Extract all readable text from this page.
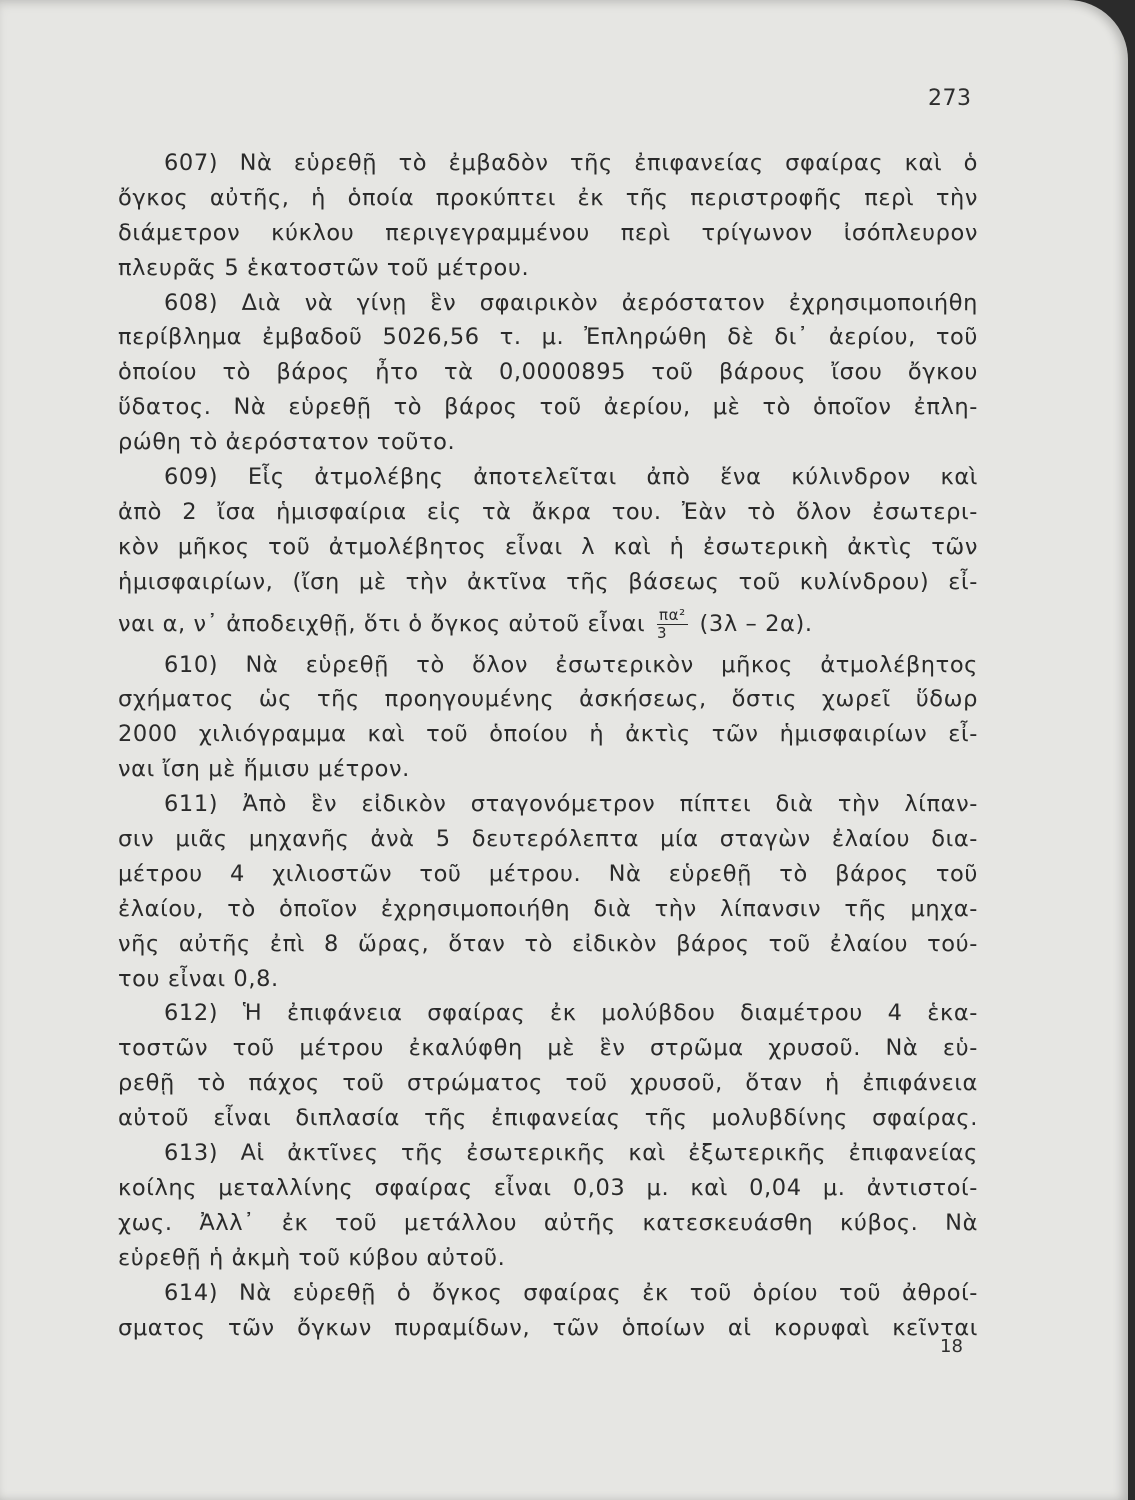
273
607) Νὰ εὑρεθῇ τὸ ἐμβαδὸν τῆς ἐπιφανείας σφαίρας καὶ ὁ
ὄγκος αὐτῆς, ἡ ὁποία προκύπτει ἐκ τῆς περιστροφῆς περὶ τὴν
διάμετρον κύκλου περιγεγραμμένου περὶ τρίγωνον ἰσόπλευρον
πλευρᾶς 5 ἑκατοστῶν τοῦ μέτρου.
608) Διὰ νὰ γίνῃ ἓν σφαιρικὸν ἀερόστατον ἐχρησιμοποιήθη
περίβλημα ἐμβαδοῦ 5026,56 τ. μ. Ἐπληρώθη δὲ δι᾿ ἀερίου, τοῦ
ὁποίου τὸ βάρος ἦτο τὰ 0,0000895 τοῦ βάρους ἴσου ὄγκου
ὕδατος. Νὰ εὑρεθῇ τὸ βάρος τοῦ ἀερίου, μὲ τὸ ὁποῖον ἐπλη-
ρώθη τὸ ἀερόστατον τοῦτο.
609) Εἷς ἀτμολέβης ἀποτελεῖται ἀπὸ ἕνα κύλινδρον καὶ
ἀπὸ 2 ἴσα ἡμισφαίρια εἰς τὰ ἄκρα του. Ἐὰν τὸ ὅλον ἐσωτερι-
κὸν μῆκος τοῦ ἀτμολέβητος εἶναι λ καὶ ἡ ἐσωτερικὴ ἀκτὶς τῶν
ἡμισφαιρίων, (ἴση μὲ τὴν ἀκτῖνα τῆς βάσεως τοῦ κυλίνδρου) εἶ-
ναι α, ν᾿ ἀποδειχθῇ, ὅτι ὁ ὄγκος αὐτοῦ εἶναι $\frac{\text{πα²}}{3} (3\lambda - 2\alpha)$.
610) Νὰ εὑρεθῇ τὸ ὅλον ἐσωτερικὸν μῆκος ἀτμολέβητος
σχήματος ὡς τῆς προηγουμένης ἀσκήσεως, ὅστις χωρεῖ ὕδωρ
2000 χιλιόγραμμα καὶ τοῦ ὁποίου ἡ ἀκτὶς τῶν ἡμισφαιρίων εἶ-
ναι ἴση μὲ ἥμισυ μέτρον.
611) Ἀπὸ ἓν εἰδικὸν σταγονόμετρον πίπτει διὰ τὴν λίπαν-
σιν μιᾶς μηχανῆς ἀνὰ 5 δευτερόλεπτα μία σταγὼν ἐλαίου δια-
μέτρου 4 χιλιοστῶν τοῦ μέτρου. Νὰ εὑρεθῇ τὸ βάρος τοῦ
ἐλαίου, τὸ ὁποῖον ἐχρησιμοποιήθη διὰ τὴν λίπανσιν τῆς μηχα-
νῆς αὐτῆς ἐπὶ 8 ὥρας, ὅταν τὸ εἰδικὸν βάρος τοῦ ἐλαίου τού-
του εἶναι 0,8.
612) Ἡ ἐπιφάνεια σφαίρας ἐκ μολύβδου διαμέτρου 4 ἑκα-
τοστῶν τοῦ μέτρου ἐκαλύφθη μὲ ἓν στρῶμα χρυσοῦ. Νὰ εὑ-
ρεθῇ τὸ πάχος τοῦ στρώματος τοῦ χρυσοῦ, ὅταν ἡ ἐπιφάνεια
αὐτοῦ εἶναι διπλασία τῆς ἐπιφανείας τῆς μολυβδίνης σφαίρας.
613) Αἱ ἀκτῖνες τῆς ἐσωτερικῆς καὶ ἐξωτερικῆς ἐπιφανείας
κοίλης μεταλλίνης σφαίρας εἶναι 0,03 μ. καὶ 0,04 μ. ἀντιστοί-
χως. Ἀλλ᾿ ἐκ τοῦ μετάλλου αὐτῆς κατεσκευάσθη κύβος. Νὰ
εὑρεθῇ ἡ ἀκμὴ τοῦ κύβου αὐτοῦ.
614) Νὰ εὑρεθῇ ὁ ὄγκος σφαίρας ἐκ τοῦ ὁρίου τοῦ ἀθροί-
σματος τῶν ὄγκων πυραμίδων, τῶν ὁποίων αἱ κορυφαὶ κεῖνται
18
